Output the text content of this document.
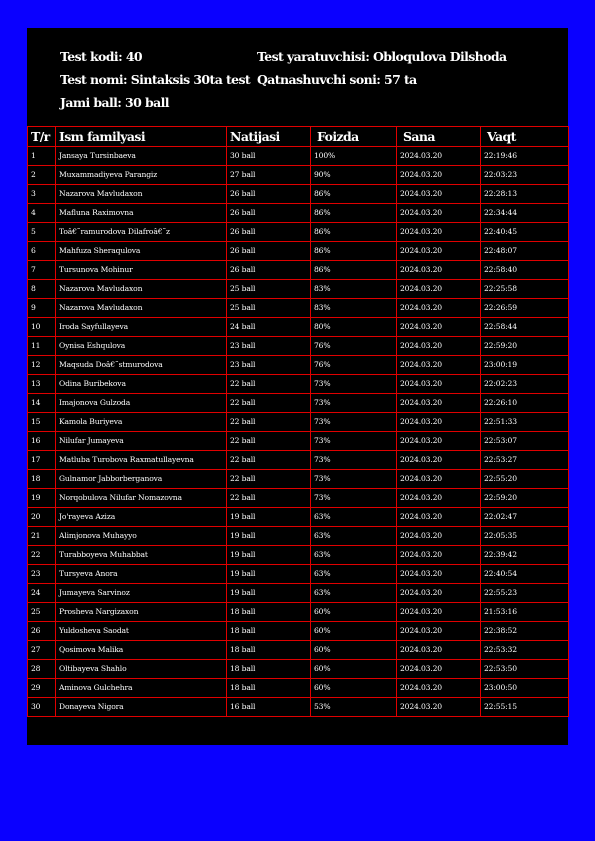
Test kodi: 40
Test nomi: Sintaksis 30ta test
Jami ball: 30 ball
Test yaratuvchisi: Obloqulova Dilshoda
Qatnashuvchi soni: 57 ta
T/r	Ism familyasi	Natijasi	Foizda	Sana	Vaqt
1	Jansaya Tursinbaeva	30 ball	100%	2024.03.20	22:19:46
2	Muxammadiyeva Parangiz	27 ball	90%	2024.03.20	22:03:23
3	Nazarova Mavludaxon	26 ball	86%	2024.03.20	22:28:13
4	Mafluna Raximovna	26 ball	86%	2024.03.20	22:34:44
5	Toâ€˜ramurodova Dilafroâ€˜z	26 ball	86%	2024.03.20	22:40:45
6	Mahfuza Sheraqulova	26 ball	86%	2024.03.20	22:48:07
7	Tursunova Mohinur	26 ball	86%	2024.03.20	22:58:40
8	Nazarova Mavludaxon	25 ball	83%	2024.03.20	22:25:58
9	Nazarova Mavludaxon	25 ball	83%	2024.03.20	22:26:59
10	Iroda Sayfullayeva	24 ball	80%	2024.03.20	22:58:44
11	Oynisa Eshqulova	23 ball	76%	2024.03.20	22:59:20
12	Maqsuda Doâ€˜stmurodova	23 ball	76%	2024.03.20	23:00:19
13	Odina Buribekova	22 ball	73%	2024.03.20	22:02:23
14	Imajonova Gulzoda	22 ball	73%	2024.03.20	22:26:10
15	Kamola Buriyeva	22 ball	73%	2024.03.20	22:51:33
16	Nilufar Jumayeva	22 ball	73%	2024.03.20	22:53:07
17	Matluba Turobova Raxmatullayevna	22 ball	73%	2024.03.20	22:53:27
18	Gulnamor Jabborberganova	22 ball	73%	2024.03.20	22:55:20
19	Norqobulova Nilufar Nomazovna	22 ball	73%	2024.03.20	22:59:20
20	Jo'rayeva Aziza	19 ball	63%	2024.03.20	22:02:47
21	Alimjonova Muhayyo	19 ball	63%	2024.03.20	22:05:35
22	Turabboyeva Muhabbat	19 ball	63%	2024.03.20	22:39:42
23	Tursyeva Anora	19 ball	63%	2024.03.20	22:40:54
24	Jumayeva Sarvinoz	19 ball	63%	2024.03.20	22:55:23
25	Prosheva Nargizaxon	18 ball	60%	2024.03.20	21:53:16
26	Yuldosheva Saodat	18 ball	60%	2024.03.20	22:38:52
27	Qosimova Malika	18 ball	60%	2024.03.20	22:53:32
28	Oltibayeva Shahlo	18 ball	60%	2024.03.20	22:53:50
29	Aminova Gulchehra	18 ball	60%	2024.03.20	23:00:50
30	Donayeva Nigora	16 ball	53%	2024.03.20	22:55:15
